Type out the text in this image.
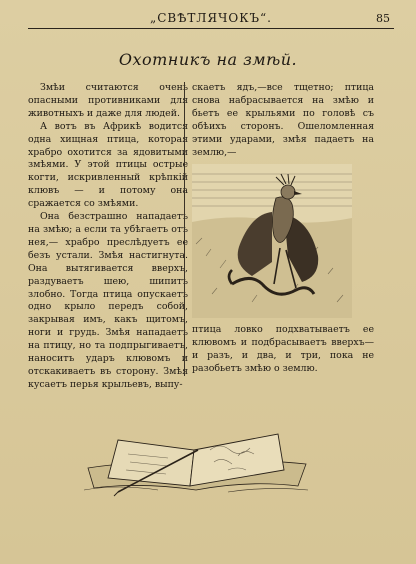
„СВѢТЛЯЧОКЪ“.	85
Охотникъ на змѣй.

Змѣи считаются очень опасными противниками для животныхъ и даже для людей.

А вотъ въ Африкѣ водится одна хищная птица, которая храбро охотится за ядовитыми змѣями. У этой птицы острые когти, искривленный крѣпкій клювъ — и потому она сражается со змѣями.

Она безстрашно нападаетъ на змѣю; а если та убѣгаетъ отъ нея,— храбро преслѣдуетъ ее безъ устали. Змѣя настигнута. Она вытягивается вверхъ, раздуваетъ шею, шипитъ злобно. Тогда птица опускаетъ одно крыло передъ собой, закрывая имъ, какъ щитомъ, ноги и грудь. Змѣя нападаетъ на птицу, но та подпрыгиваетъ, наноситъ ударъ клювомъ и отскакиваетъ въ сторону. Змѣя кусаетъ перья крыльевъ, выпу-

скаетъ ядъ,—все тщетно; птица снова набрасывается на змѣю и бьетъ ее крыльями по головѣ съ обѣихъ сторонъ. Ошеломленная этими ударами, змѣя падаетъ на землю,—

птица ловко подхватываетъ ее клювомъ и подбрасываетъ вверхъ—и разъ, и два, и три, пока не разобьетъ змѣю о землю.
